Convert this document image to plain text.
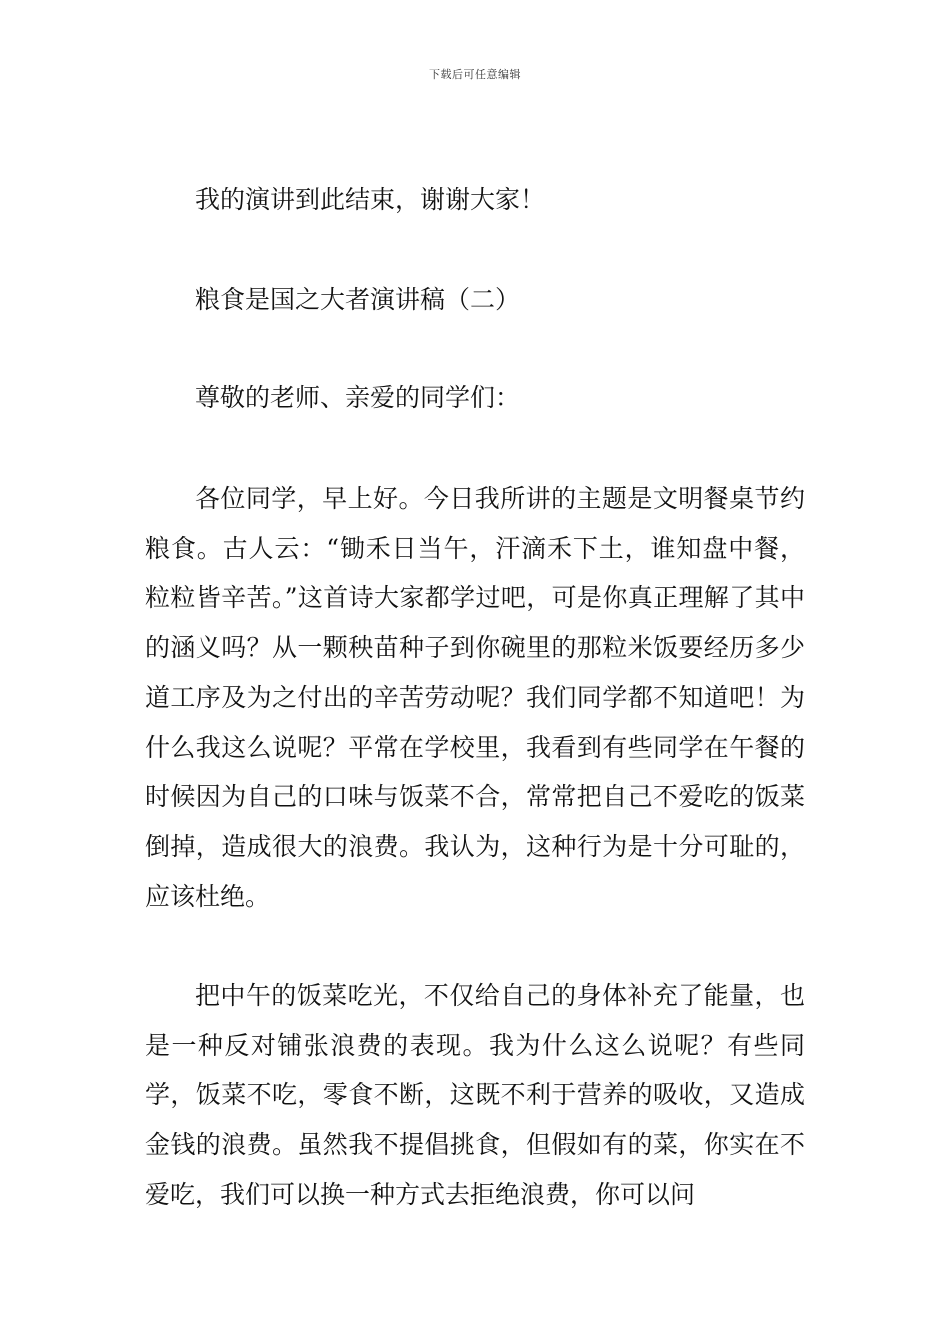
下载后可任意编辑
我的演讲到此结束，谢谢大家！
粮食是国之大者演讲稿（二）
尊敬的老师、亲爱的同学们：
各位同学，早上好。今日我所讲的主题是文明餐桌节约粮食。古人云：“锄禾日当午，汗滴禾下土，谁知盘中餐，粒粒皆辛苦。”这首诗大家都学过吧，可是你真正理解了其中的涵义吗？从一颗秧苗种子到你碗里的那粒米饭要经历多少道工序及为之付出的辛苦劳动呢？我们同学都不知道吧！为什么我这么说呢？平常在学校里，我看到有些同学在午餐的时候因为自己的口味与饭菜不合，常常把自己不爱吃的饭菜倒掉，造成很大的浪费。我认为，这种行为是十分可耻的，应该杜绝。
把中午的饭菜吃光，不仅给自己的身体补充了能量，也是一种反对铺张浪费的表现。我为什么这么说呢？有些同学，饭菜不吃，零食不断，这既不利于营养的吸收，又造成金钱的浪费。虽然我不提倡挑食，但假如有的菜，你实在不爱吃，我们可以换一种方式去拒绝浪费，你可以问
